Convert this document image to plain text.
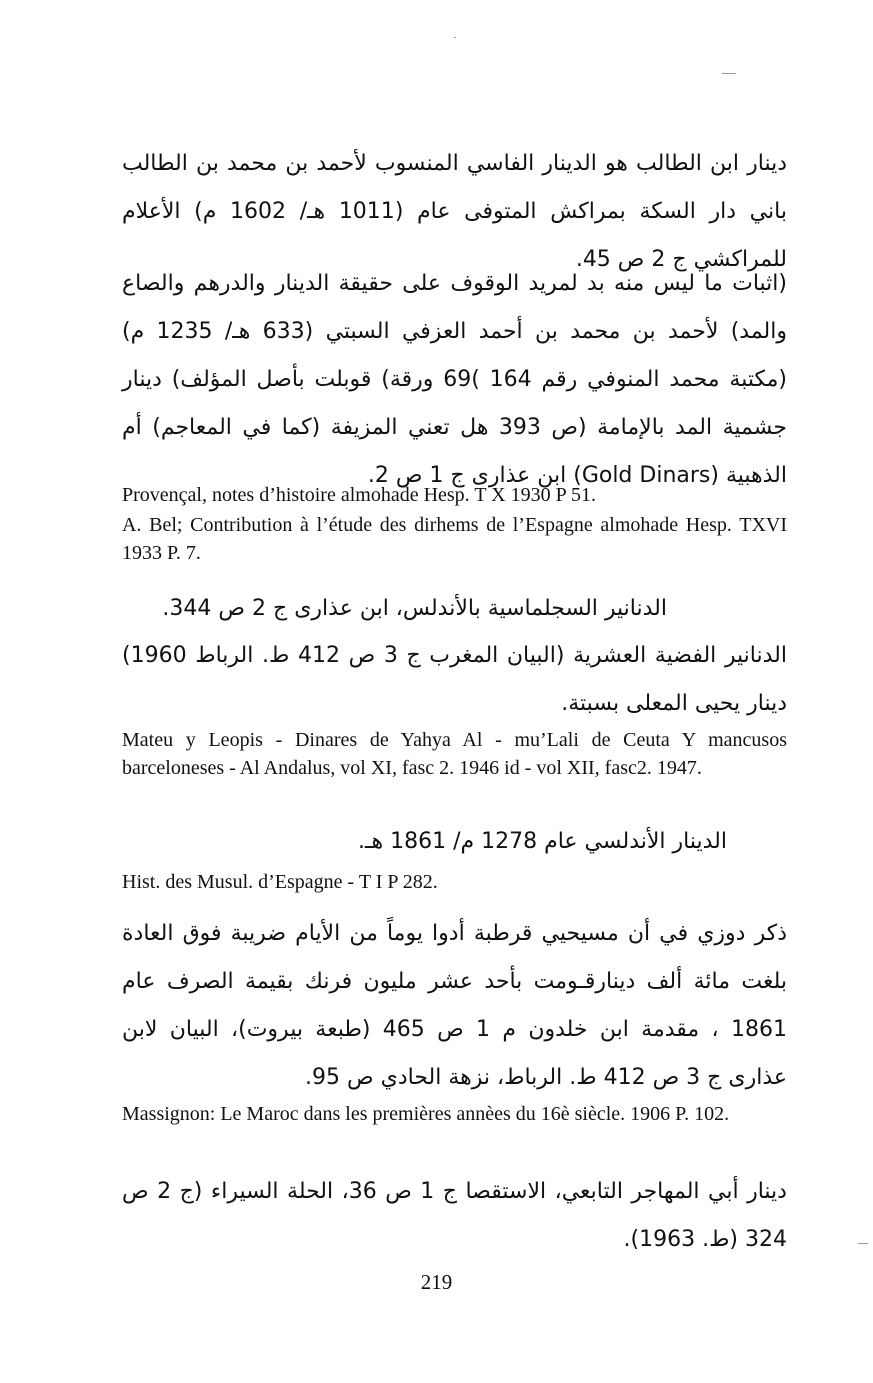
دينار ابن الطالب هو الدينار الفاسي المنسوب لأحمد بن محمد بن الطالب باني دار السكة بمراكش المتوفى عام (1011 هـ/ 1602 م) الأعلام للمراكشي ج 2 ص 45.

(اثبات ما ليس منه بد لمريد الوقوف على حقيقة الدينار والدرهم والصاع والمد) لأحمد بن محمد بن أحمد العزفي السبتي (633 هـ/ 1235 م) (مكتبة محمد المنوفي رقم 164 )69 ورقة) قوبلت بأصل المؤلف) دينار جشمية المد بالإمامة (ص 393 هل تعني المزيفة (كما في المعاجم) أم الذهبية (Gold Dinars) ابن عذارى ج 1 ص 2.

Provençal, notes d’histoire almohade Hesp. T X 1930 P 51.

A. Bel; Contribution à l’étude des dirhems de l’Espagne almohade Hesp. TXVI 1933 P. 7.

الدنانير السجلماسية بالأندلس، ابن عذارى ج 2 ص 344.

الدنانير الفضية العشرية (البيان المغرب ج 3 ص 412 ط. الرباط 1960) دينار يحيى المعلى بسبتة.

Mateu y Leopis - Dinares de Yahya Al - mu’Lali de Ceuta Y mancusos barceloneses - Al Andalus, vol XI, fasc 2. 1946 id - vol XII, fasc2. 1947.

الدينار الأندلسي عام 1278 م/ 1861 هـ.

Hist. des Musul. d’Espagne - T I P 282.

ذكر دوزي في أن مسيحيي قرطبة أدوا يوماً من الأيام ضريبة فوق العادة بلغت مائة ألف دينارقـومت بأحد عشر مليون فرنك بقيمة الصرف عام 1861 ، مقدمة ابن خلدون م 1 ص 465 (طبعة بيروت)، البيان لابن عذارى ج 3 ص 412 ط. الرباط، نزهة الحادي ص 95.

Massignon: Le Maroc dans les premières annèes du 16è siècle. 1906 P. 102.

دينار أبي المهاجر التابعي، الاستقصا ج 1 ص 36، الحلة السيراء (ج 2 ص 324 (ط. 1963).

219
